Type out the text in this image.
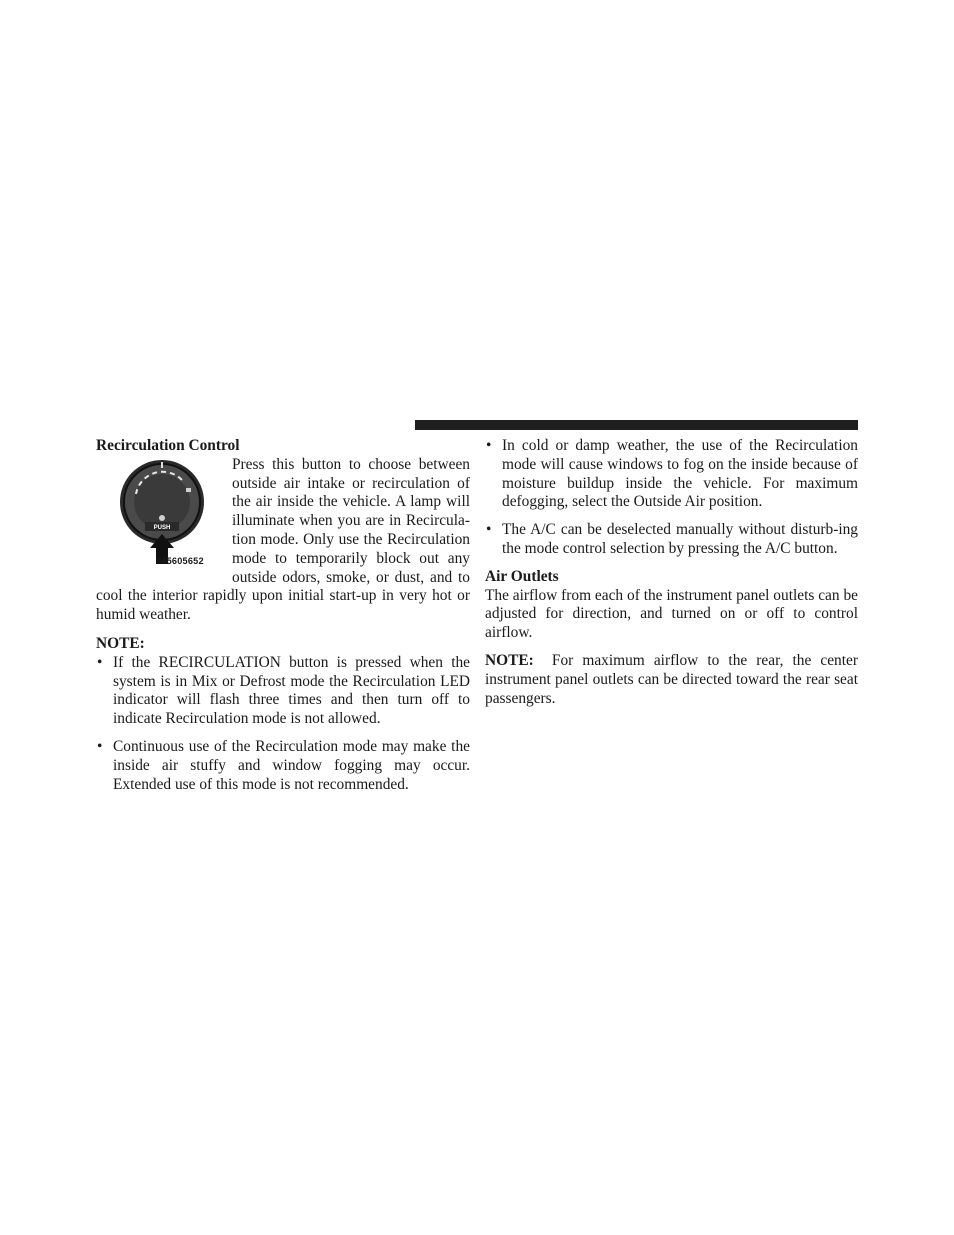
Recirculation Control
PUSH
045605652

Press this button to choose between outside air intake or recirculation of the air inside the vehicle. A lamp will illuminate when you are in Recircula-tion mode. Only use the Recirculation mode to temporarily block out any outside odors, smoke, or dust, and to cool the interior rapidly upon initial start-up in very hot or humid weather.

NOTE:
• If the RECIRCULATION button is pressed when the system is in Mix or Defrost mode the Recirculation LED indicator will flash three times and then turn off to indicate Recirculation mode is not allowed.
• Continuous use of the Recirculation mode may make the inside air stuffy and window fogging may occur. Extended use of this mode is not recommended.
• In cold or damp weather, the use of the Recirculation mode will cause windows to fog on the inside because of moisture buildup inside the vehicle. For maximum defogging, select the Outside Air position.
• The A/C can be deselected manually without disturb-ing the mode control selection by pressing the A/C button.
Air Outlets

The airflow from each of the instrument panel outlets can be adjusted for direction, and turned on or off to control airflow.

NOTE: For maximum airflow to the rear, the center instrument panel outlets can be directed toward the rear seat passengers.
